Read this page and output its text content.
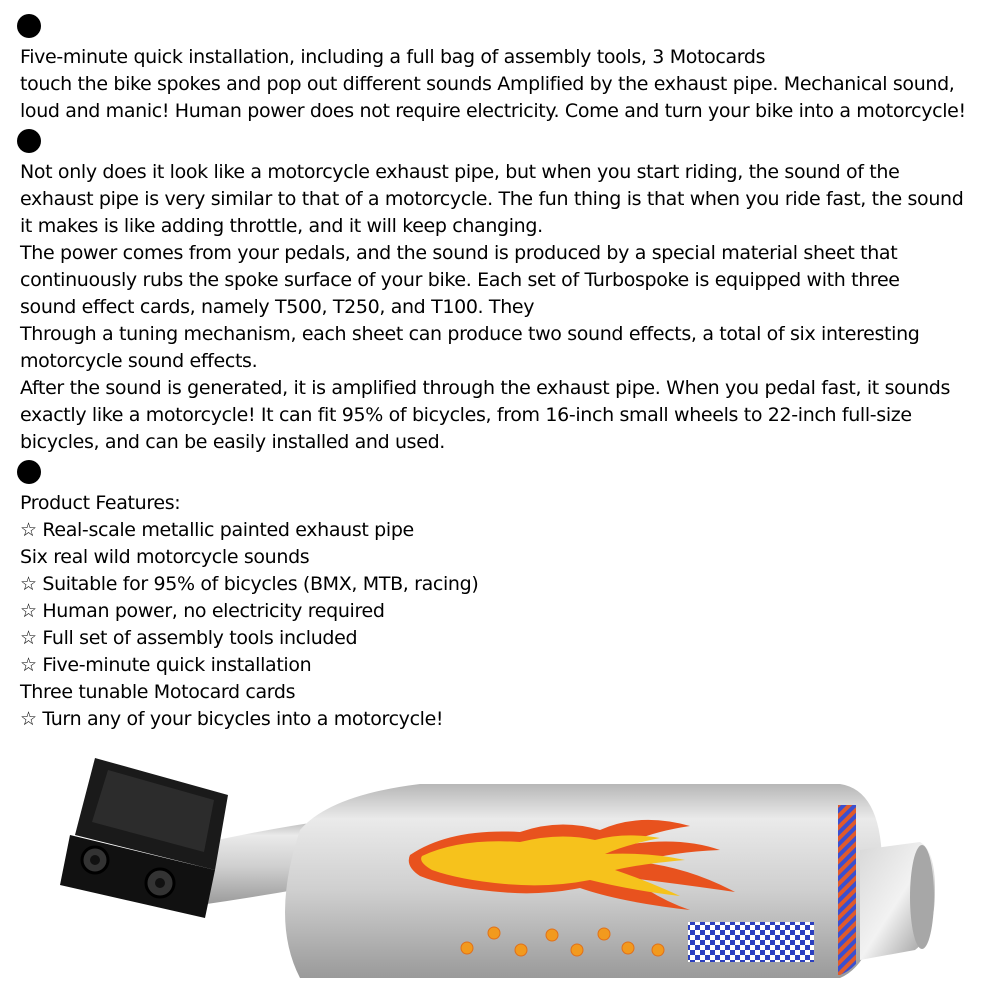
Five-minute quick installation, including a full bag of assembly tools, 3 Motocards
touch the bike spokes and pop out different sounds Amplified by the exhaust pipe. Mechanical sound,
loud and manic! Human power does not require electricity. Come and turn your bike into a motorcycle!
Not only does it look like a motorcycle exhaust pipe, but when you start riding, the sound of the
exhaust pipe is very similar to that of a motorcycle. The fun thing is that when you ride fast, the sound
it makes is like adding throttle, and it will keep changing.
The power comes from your pedals, and the sound is produced by a special material sheet that
continuously rubs the spoke surface of your bike. Each set of Turbospoke is equipped with three
sound effect cards, namely T500, T250, and T100. They
Through a tuning mechanism, each sheet can produce two sound effects, a total of six interesting
motorcycle sound effects.
After the sound is generated, it is amplified through the exhaust pipe. When you pedal fast, it sounds
exactly like a motorcycle! It can fit 95% of bicycles, from 16-inch small wheels to 22-inch full-size
bicycles, and can be easily installed and used.
Product Features:
☆ Real-scale metallic painted exhaust pipe
Six real wild motorcycle sounds
☆ Suitable for 95% of bicycles (BMX, MTB, racing)
☆ Human power, no electricity required
☆ Full set of assembly tools included
☆ Five-minute quick installation
Three tunable Motocard cards
☆ Turn any of your bicycles into a motorcycle!
